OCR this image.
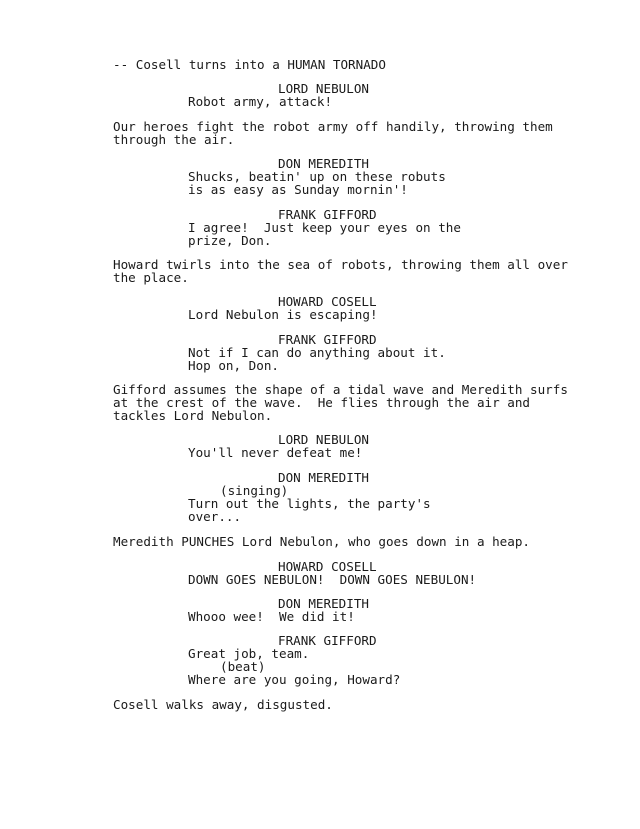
-- Cosell turns into a HUMAN TORNADO
LORD NEBULON
Robot army, attack!
Our heroes fight the robot army off handily, throwing them
through the air.
DON MEREDITH
Shucks, beatin' up on these robuts
is as easy as Sunday mornin'!
FRANK GIFFORD
I agree!  Just keep your eyes on the
prize, Don.
Howard twirls into the sea of robots, throwing them all over
the place.
HOWARD COSELL
Lord Nebulon is escaping!
FRANK GIFFORD
Not if I can do anything about it.
Hop on, Don.
Gifford assumes the shape of a tidal wave and Meredith surfs
at the crest of the wave.  He flies through the air and
tackles Lord Nebulon.
LORD NEBULON
You'll never defeat me!
DON MEREDITH
(singing)
Turn out the lights, the party's
over...
Meredith PUNCHES Lord Nebulon, who goes down in a heap.
HOWARD COSELL
DOWN GOES NEBULON!  DOWN GOES NEBULON!
DON MEREDITH
Whooo wee!  We did it!
FRANK GIFFORD
Great job, team.
(beat)
Where are you going, Howard?
Cosell walks away, disgusted.
